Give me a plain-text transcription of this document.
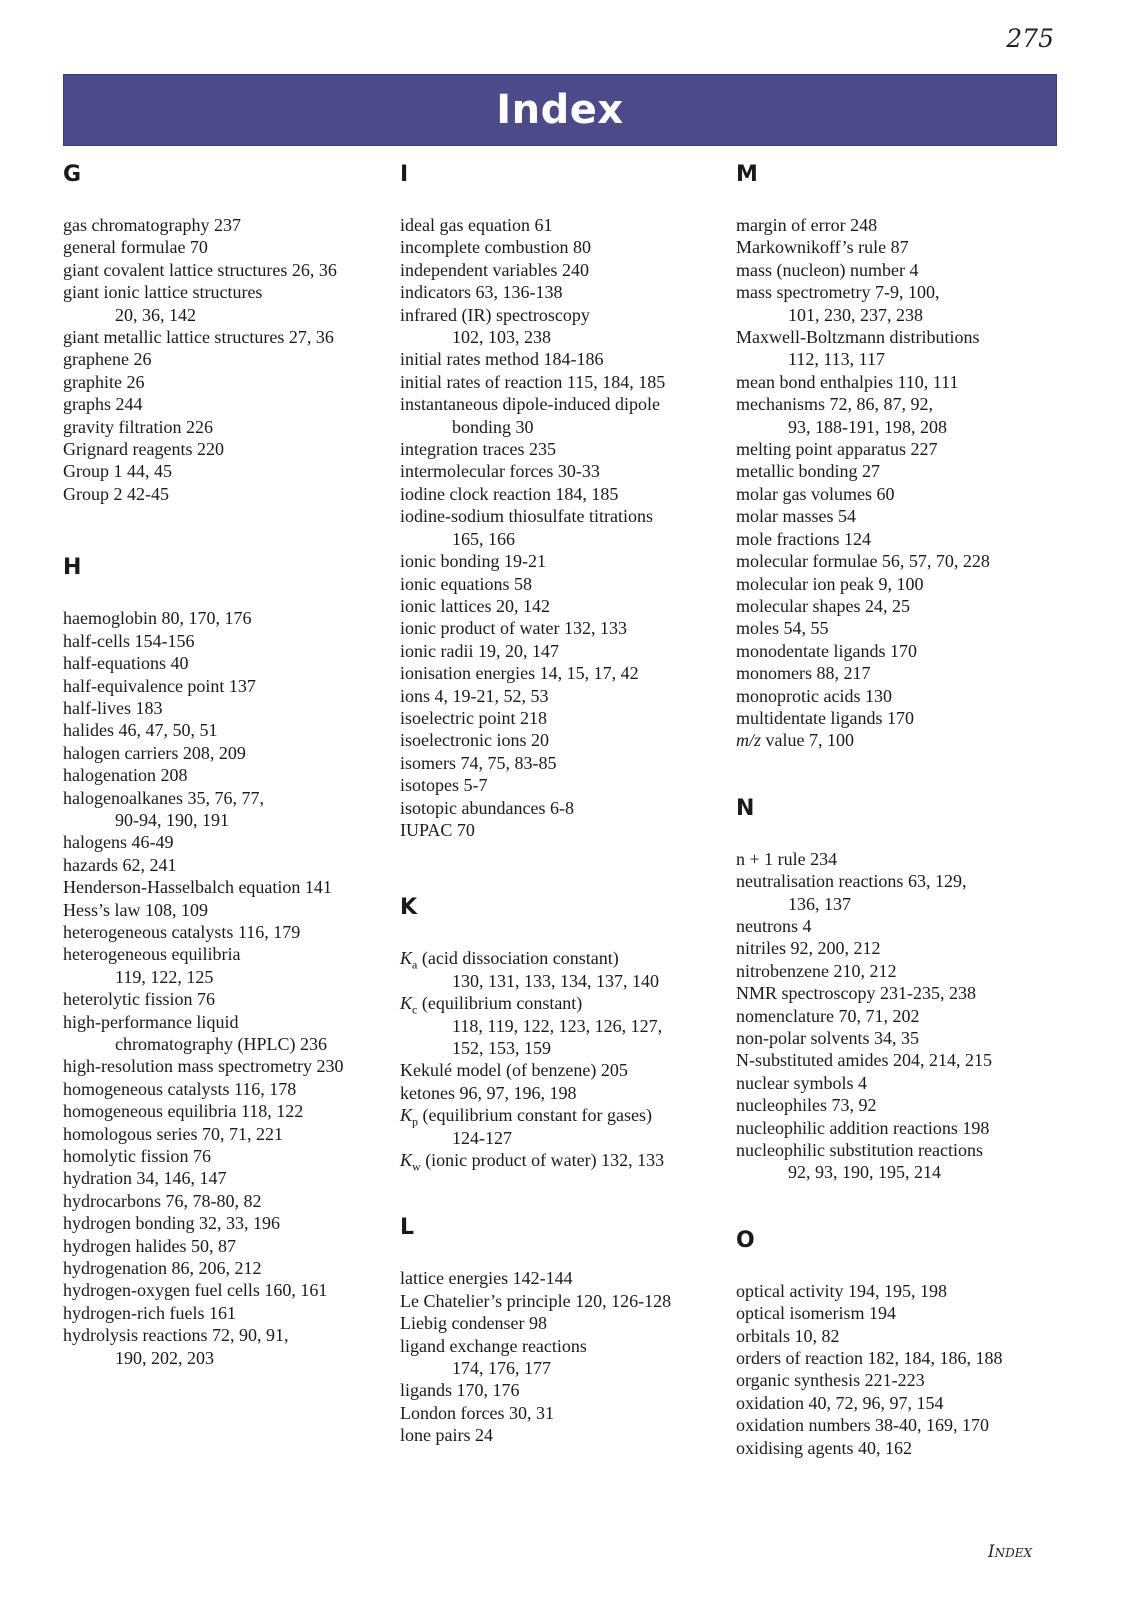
275
Index
G
gas chromatography 237
general formulae 70
giant covalent lattice structures 26, 36
giant ionic lattice structures
20, 36, 142
giant metallic lattice structures 27, 36
graphene 26
graphite 26
graphs 244
gravity filtration 226
Grignard reagents 220
Group 1 44, 45
Group 2 42-45
H
haemoglobin 80, 170, 176
half-cells 154-156
half-equations 40
half-equivalence point 137
half-lives 183
halides 46, 47, 50, 51
halogen carriers 208, 209
halogenation 208
halogenoalkanes 35, 76, 77,
90-94, 190, 191
halogens 46-49
hazards 62, 241
Henderson-Hasselbalch equation 141
Hess’s law 108, 109
heterogeneous catalysts 116, 179
heterogeneous equilibria
119, 122, 125
heterolytic fission 76
high-performance liquid
chromatography (HPLC) 236
high-resolution mass spectrometry 230
homogeneous catalysts 116, 178
homogeneous equilibria 118, 122
homologous series 70, 71, 221
homolytic fission 76
hydration 34, 146, 147
hydrocarbons 76, 78-80, 82
hydrogen bonding 32, 33, 196
hydrogen halides 50, 87
hydrogenation 86, 206, 212
hydrogen-oxygen fuel cells 160, 161
hydrogen-rich fuels 161
hydrolysis reactions 72, 90, 91,
190, 202, 203
I
ideal gas equation 61
incomplete combustion 80
independent variables 240
indicators 63, 136-138
infrared (IR) spectroscopy
102, 103, 238
initial rates method 184-186
initial rates of reaction 115, 184, 185
instantaneous dipole-induced dipole
bonding 30
integration traces 235
intermolecular forces 30-33
iodine clock reaction 184, 185
iodine-sodium thiosulfate titrations
165, 166
ionic bonding 19-21
ionic equations 58
ionic lattices 20, 142
ionic product of water 132, 133
ionic radii 19, 20, 147
ionisation energies 14, 15, 17, 42
ions 4, 19-21, 52, 53
isoelectric point 218
isoelectronic ions 20
isomers 74, 75, 83-85
isotopes 5-7
isotopic abundances 6-8
IUPAC 70
K
$K_a$ (acid dissociation constant)
130, 131, 133, 134, 137, 140
$K_c$ (equilibrium constant)
118, 119, 122, 123, 126, 127,
152, 153, 159
Kekulé model (of benzene) 205
ketones 96, 97, 196, 198
$K_p$ (equilibrium constant for gases)
124-127
$K_w$ (ionic product of water) 132, 133
L
lattice energies 142-144
Le Chatelier’s principle 120, 126-128
Liebig condenser 98
ligand exchange reactions
174, 176, 177
ligands 170, 176
London forces 30, 31
lone pairs 24
M
margin of error 248
Markownikoff’s rule 87
mass (nucleon) number 4
mass spectrometry 7-9, 100,
101, 230, 237, 238
Maxwell-Boltzmann distributions
112, 113, 117
mean bond enthalpies 110, 111
mechanisms 72, 86, 87, 92,
93, 188-191, 198, 208
melting point apparatus 227
metallic bonding 27
molar gas volumes 60
molar masses 54
mole fractions 124
molecular formulae 56, 57, 70, 228
molecular ion peak 9, 100
molecular shapes 24, 25
moles 54, 55
monodentate ligands 170
monomers 88, 217
monoprotic acids 130
multidentate ligands 170
m/z value 7, 100
N
n + 1 rule 234
neutralisation reactions 63, 129,
136, 137
neutrons 4
nitriles 92, 200, 212
nitrobenzene 210, 212
NMR spectroscopy 231-235, 238
nomenclature 70, 71, 202
non-polar solvents 34, 35
N-substituted amides 204, 214, 215
nuclear symbols 4
nucleophiles 73, 92
nucleophilic addition reactions 198
nucleophilic substitution reactions
92, 93, 190, 195, 214
O
optical activity 194, 195, 198
optical isomerism 194
orbitals 10, 82
orders of reaction 182, 184, 186, 188
organic synthesis 221-223
oxidation 40, 72, 96, 97, 154
oxidation numbers 38-40, 169, 170
oxidising agents 40, 162
Index
